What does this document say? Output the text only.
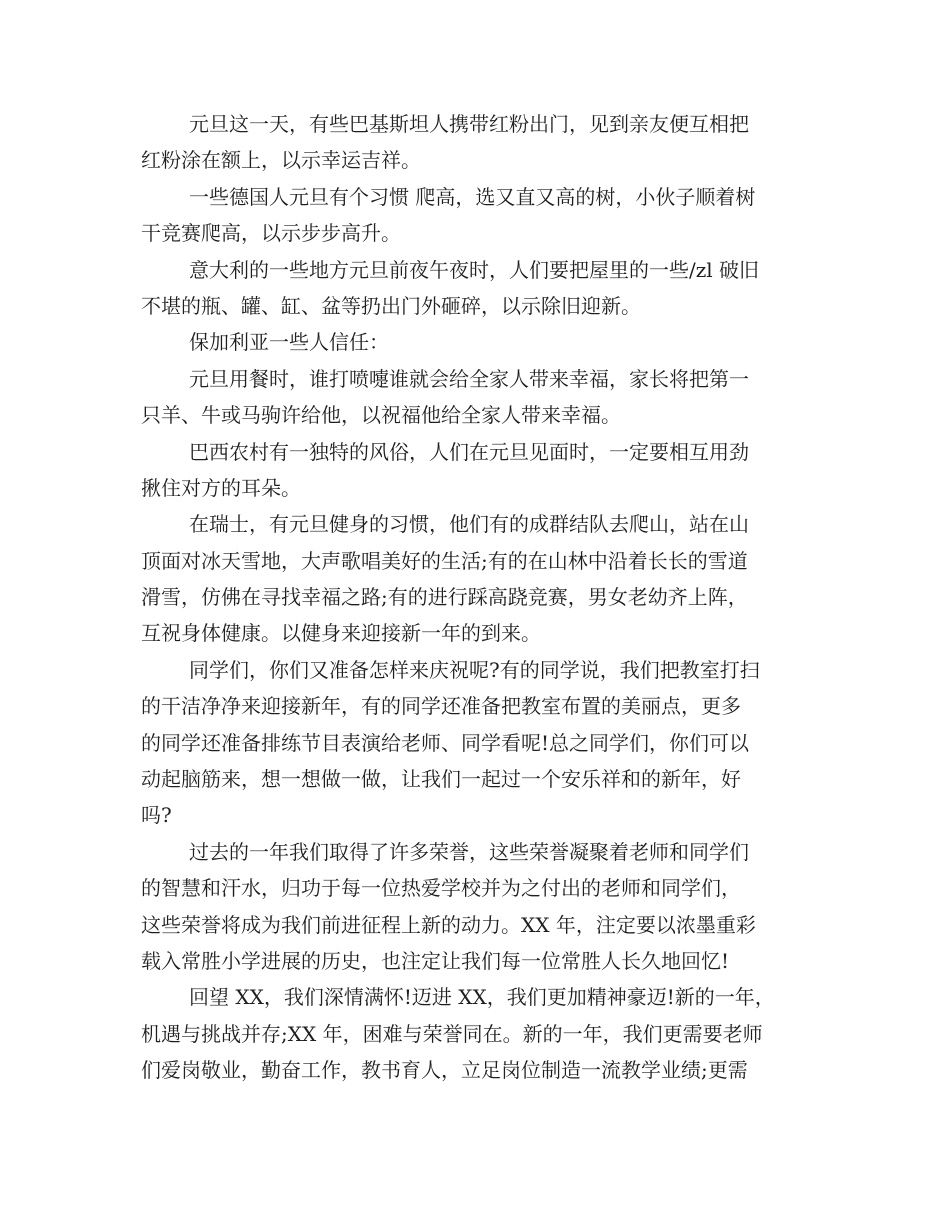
元旦这一天，有些巴基斯坦人携带红粉出门，见到亲友便互相把
红粉涂在额上，以示幸运吉祥。
一些德国人元旦有个习惯 爬高，选又直又高的树，小伙子顺着树
干竞赛爬高，以示步步高升。
意大利的一些地方元旦前夜午夜时，人们要把屋里的一些/zl 破旧
不堪的瓶、罐、缸、盆等扔出门外砸碎，以示除旧迎新。
保加利亚一些人信任：
元旦用餐时，谁打喷嚏谁就会给全家人带来幸福，家长将把第一
只羊、牛或马驹许给他，以祝福他给全家人带来幸福。
巴西农村有一独特的风俗，人们在元旦见面时，一定要相互用劲
揪住对方的耳朵。
在瑞士，有元旦健身的习惯，他们有的成群结队去爬山，站在山
顶面对冰天雪地，大声歌唱美好的生活;有的在山林中沿着长长的雪道
滑雪，仿佛在寻找幸福之路;有的进行踩高跷竞赛，男女老幼齐上阵，
互祝身体健康。以健身来迎接新一年的到来。
同学们，你们又准备怎样来庆祝呢?有的同学说，我们把教室打扫
的干洁净净来迎接新年，有的同学还准备把教室布置的美丽点，更多
的同学还准备排练节目表演给老师、同学看呢!总之同学们，你们可以
动起脑筋来，想一想做一做，让我们一起过一个安乐祥和的新年，好
吗?
过去的一年我们取得了许多荣誉，这些荣誉凝聚着老师和同学们
的智慧和汗水，归功于每一位热爱学校并为之付出的老师和同学们，
这些荣誉将成为我们前进征程上新的动力。XX 年，注定要以浓墨重彩
载入常胜小学进展的历史，也注定让我们每一位常胜人长久地回忆!
回望 XX，我们深情满怀!迈进 XX，我们更加精神豪迈!新的一年，
机遇与挑战并存;XX 年，困难与荣誉同在。新的一年，我们更需要老师
们爱岗敬业，勤奋工作，教书育人，立足岗位制造一流教学业绩;更需
